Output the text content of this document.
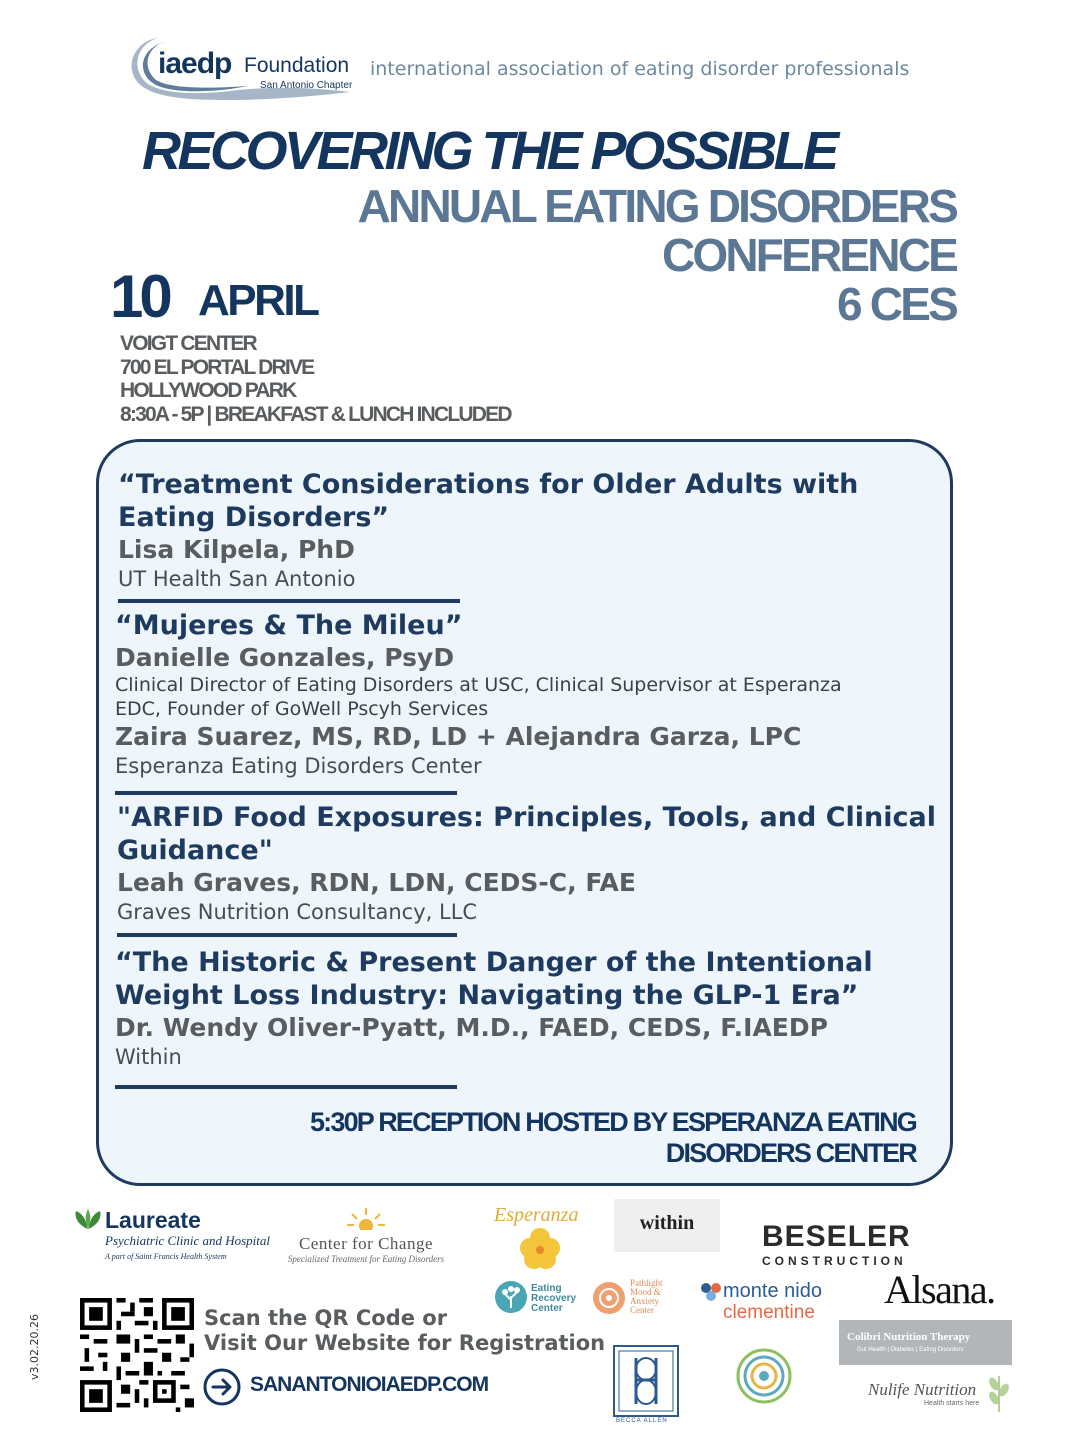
iaedp Foundation
San Antonio Chapter
international association of eating disorder professionals
RECOVERING THE POSSIBLE
ANNUAL EATING DISORDERS
CONFERENCE
6 CES
10 APRIL
VOIGT CENTER
700 EL PORTAL DRIVE
HOLLYWOOD PARK
8:30A - 5P | BREAKFAST & LUNCH INCLUDED
“Treatment Considerations for Older Adults with
Eating Disorders”
Lisa Kilpela, PhD
UT Health San Antonio
“Mujeres & The Mileu”
Danielle Gonzales, PsyD
Clinical Director of Eating Disorders at USC, Clinical Supervisor at Esperanza
EDC, Founder of GoWell Pscyh Services
Zaira Suarez, MS, RD, LD + Alejandra Garza, LPC
Esperanza Eating Disorders Center
"ARFID Food Exposures: Principles, Tools, and Clinical
Guidance"
Leah Graves, RDN, LDN, CEDS-C, FAE
Graves Nutrition Consultancy, LLC
“The Historic & Present Danger of the Intentional
Weight Loss Industry: Navigating the GLP-1 Era”
Dr. Wendy Oliver-Pyatt, M.D., FAED, CEDS, F.IAEDP
Within
5:30P RECEPTION HOSTED BY ESPERANZA EATING
DISORDERS CENTER
Laureate
Psychiatric Clinic and Hospital
A part of Saint Francis Health System
Center for Change
Specialized Treatment for Eating Disorders
Esperanza	within	BESELER
CONSTRUCTION
Eating
Recovery
Center
Pathlight
Mood &
Anxiety
Center
monte nido
clementine
Alsana.
Colibri Nutrition Therapy
Gut Health | Diabetes | Eating Disorders
BECCA ALLEN
Nulife Nutrition
Health starts here
Scan the QR Code or
Visit Our Website for Registration
SANANTONIOIAEDP.COM
v3.02.20.26
